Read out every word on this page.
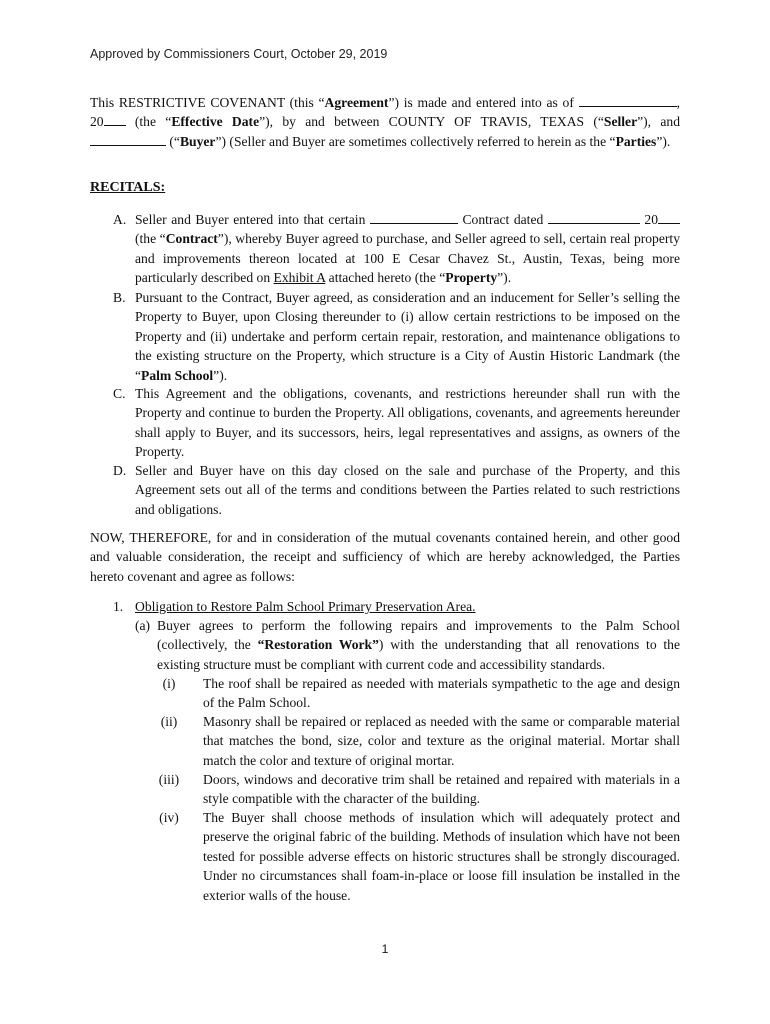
Approved by Commissioners Court, October 29, 2019
This RESTRICTIVE COVENANT (this “Agreement”) is made and entered into as of	, 20 (the “Effective Date”), by and between COUNTY OF TRAVIS, TEXAS (“Seller”), and  (“Buyer”) (Seller and Buyer are sometimes collectively referred to herein as the “Parties”).
RECITALS:
A. Seller and Buyer entered into that certain	Contract dated	20 (the “Contract”), whereby Buyer agreed to purchase, and Seller agreed to sell, certain real property and improvements thereon located at 100 E Cesar Chavez St., Austin, Texas, being more particularly described on Exhibit A attached hereto (the “Property”).
B. Pursuant to the Contract, Buyer agreed, as consideration and an inducement for Seller’s selling the Property to Buyer, upon Closing thereunder to (i) allow certain restrictions to be imposed on the Property and (ii) undertake and perform certain repair, restoration, and maintenance obligations to the existing structure on the Property, which structure is a City of Austin Historic Landmark (the “Palm School”).
C. This Agreement and the obligations, covenants, and restrictions hereunder shall run with the Property and continue to burden the Property. All obligations, covenants, and agreements hereunder shall apply to Buyer, and its successors, heirs, legal representatives and assigns, as owners of the Property.
D. Seller and Buyer have on this day closed on the sale and purchase of the Property, and this Agreement sets out all of the terms and conditions between the Parties related to such restrictions and obligations.
NOW, THEREFORE, for and in consideration of the mutual covenants contained herein, and other good and valuable consideration, the receipt and sufficiency of which are hereby acknowledged, the Parties hereto covenant and agree as follows:
1. Obligation to Restore Palm School Primary Preservation Area.
(a) Buyer agrees to perform the following repairs and improvements to the Palm School (collectively, the “Restoration Work”) with the understanding that all renovations to the existing structure must be compliant with current code and accessibility standards.
(i)	The roof shall be repaired as needed with materials sympathetic to the age and design of the Palm School.
(ii)	Masonry shall be repaired or replaced as needed with the same or comparable material that matches the bond, size, color and texture as the original material. Mortar shall match the color and texture of original mortar.
(iii) Doors, windows and decorative trim shall be retained and repaired with materials in a style compatible with the character of the building.
(iv)	The Buyer shall choose methods of insulation which will adequately protect and preserve the original fabric of the building. Methods of insulation which have not been tested for possible adverse effects on historic structures shall be strongly discouraged. Under no circumstances shall foam-in-place or loose fill insulation be installed in the exterior walls of the house.
1
